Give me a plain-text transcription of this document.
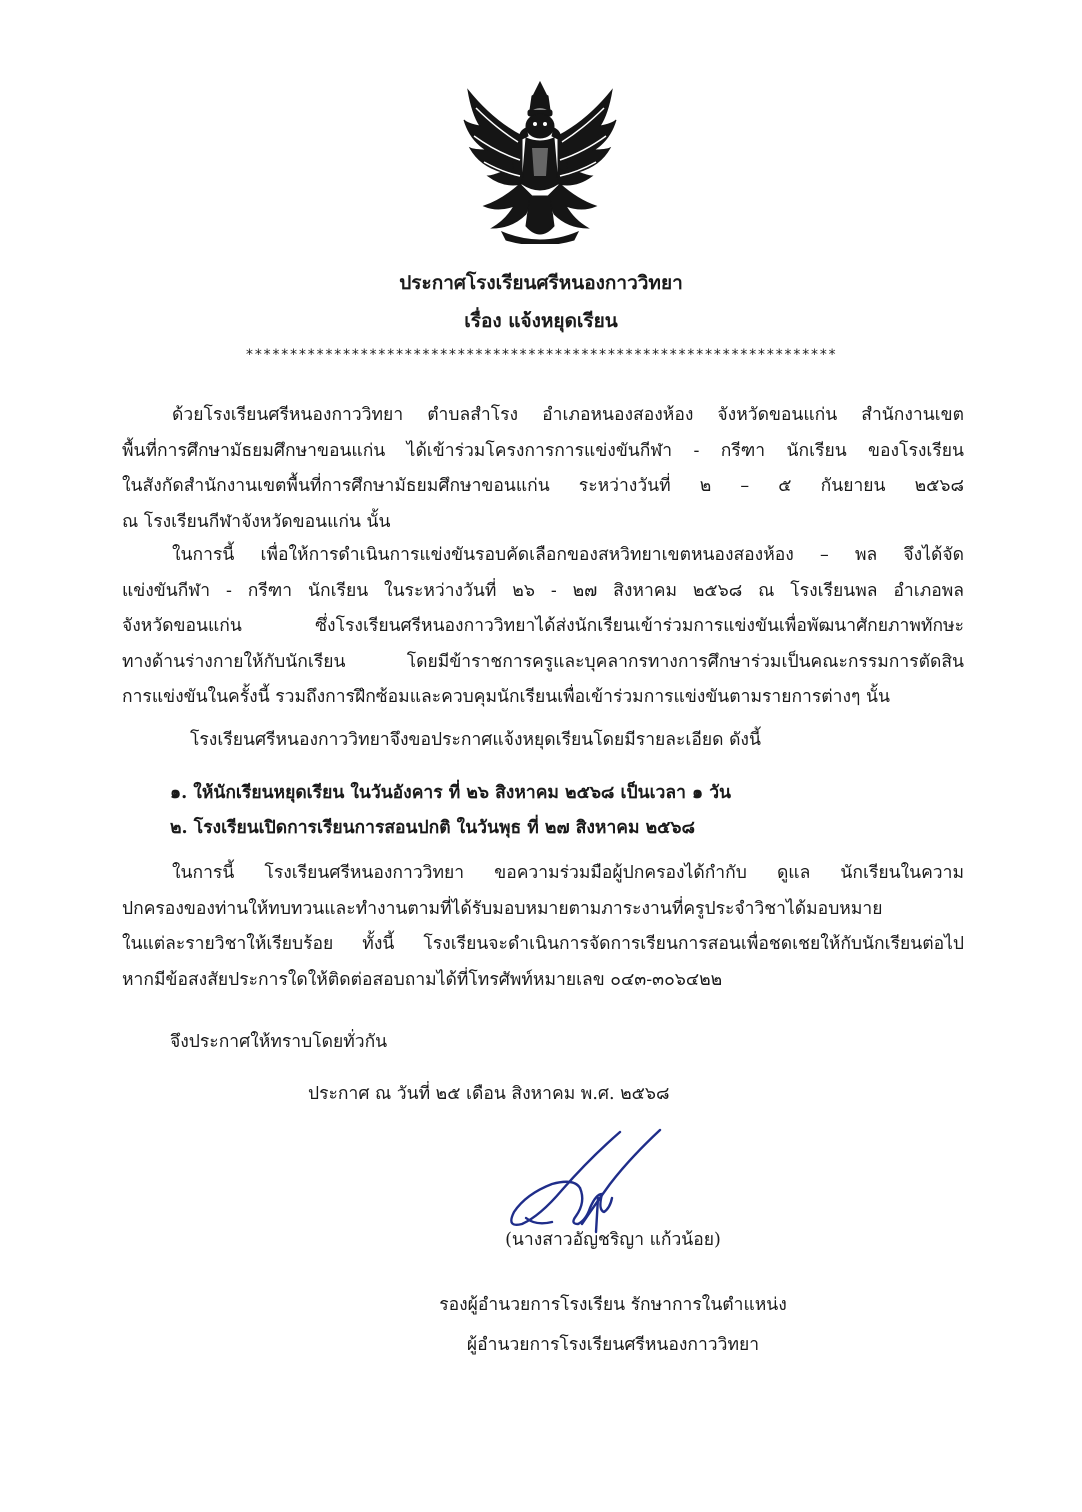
ประกาศโรงเรียนศรีหนองกาววิทยา
เรื่อง แจ้งหยุดเรียน
*******************************************************************
ด้วยโรงเรียนศรีหนองกาววิทยา ตำบลสำโรง อำเภอหนองสองห้อง จังหวัดขอนแก่น สำนักงานเขต
พื้นที่การศึกษามัธยมศึกษาขอนแก่น ได้เข้าร่วมโครงการการแข่งขันกีฬา - กรีฑา นักเรียน ของโรงเรียน
ในสังกัดสำนักงานเขตพื้นที่การศึกษามัธยมศึกษาขอนแก่น ระหว่างวันที่ ๒ – ๕ กันยายน ๒๕๖๘
ณ โรงเรียนกีฬาจังหวัดขอนแก่น นั้น
ในการนี้ เพื่อให้การดำเนินการแข่งขันรอบคัดเลือกของสหวิทยาเขตหนองสองห้อง – พล จึงได้จัด
แข่งขันกีฬา - กรีฑา นักเรียน ในระหว่างวันที่ ๒๖ - ๒๗ สิงหาคม ๒๕๖๘ ณ โรงเรียนพล อำเภอพล
จังหวัดขอนแก่น ซึ่งโรงเรียนศรีหนองกาววิทยาได้ส่งนักเรียนเข้าร่วมการแข่งขันเพื่อพัฒนาศักยภาพทักษะ
ทางด้านร่างกายให้กับนักเรียน โดยมีข้าราชการครูและบุคลากรทางการศึกษาร่วมเป็นคณะกรรมการตัดสิน
การแข่งขันในครั้งนี้ รวมถึงการฝึกซ้อมและควบคุมนักเรียนเพื่อเข้าร่วมการแข่งขันตามรายการต่างๆ นั้น
โรงเรียนศรีหนองกาววิทยาจึงขอประกาศแจ้งหยุดเรียนโดยมีรายละเอียด ดังนี้
๑. ให้นักเรียนหยุดเรียน ในวันอังคาร ที่ ๒๖ สิงหาคม ๒๕๖๘ เป็นเวลา ๑ วัน
๒. โรงเรียนเปิดการเรียนการสอนปกติ ในวันพุธ ที่ ๒๗ สิงหาคม ๒๕๖๘
ในการนี้ โรงเรียนศรีหนองกาววิทยา ขอความร่วมมือผู้ปกครองได้กำกับ ดูแล นักเรียนในความ
ปกครองของท่านให้ทบทวนและทำงานตามที่ได้รับมอบหมายตามภาระงานที่ครูประจำวิชาได้มอบหมาย
ในแต่ละรายวิชาให้เรียบร้อย ทั้งนี้ โรงเรียนจะดำเนินการจัดการเรียนการสอนเพื่อชดเชยให้กับนักเรียนต่อไป
หากมีข้อสงสัยประการใดให้ติดต่อสอบถามได้ที่โทรศัพท์หมายเลข ๐๔๓-๓๐๖๔๒๒
จึงประกาศให้ทราบโดยทั่วกัน
ประกาศ ณ วันที่ ๒๕ เดือน สิงหาคม พ.ศ. ๒๕๖๘
(นางสาวอัญชริญา แก้วน้อย)
รองผู้อำนวยการโรงเรียน รักษาการในตำแหน่ง
ผู้อำนวยการโรงเรียนศรีหนองกาววิทยา
